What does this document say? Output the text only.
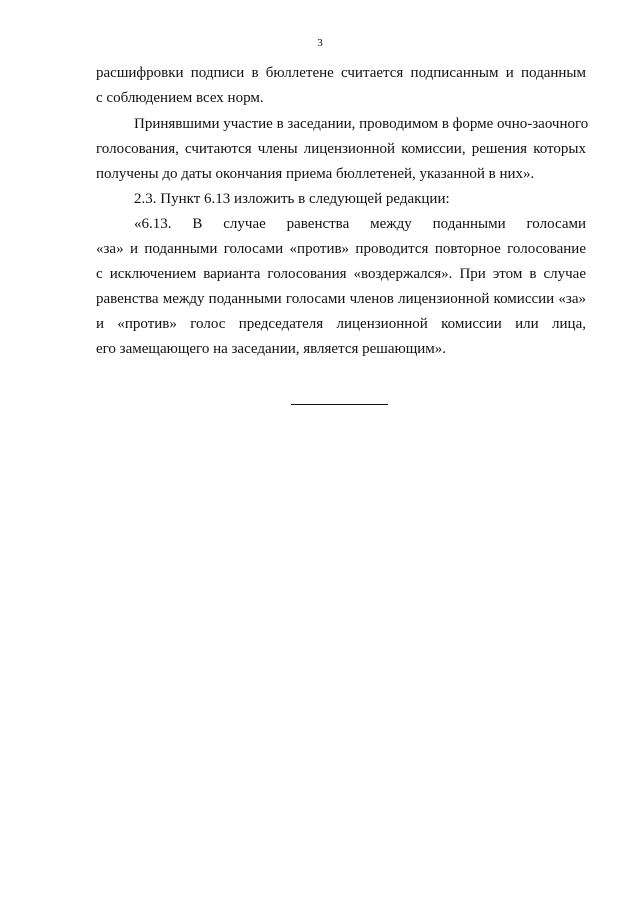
3
расшифровки подписи в бюллетене считается подписанным и поданным
с соблюдением всех норм.
Принявшими участие в заседании, проводимом в форме очно-заочного
голосования, считаются члены лицензионной комиссии, решения которых
получены до даты окончания приема бюллетеней, указанной в них».
2.3. Пункт 6.13 изложить в следующей редакции:
«6.13. В случае равенства между поданными голосами
«за» и поданными голосами «против» проводится повторное голосование
с исключением варианта голосования «воздержался». При этом в случае
равенства между поданными голосами членов лицензионной комиссии «за»
и «против» голос председателя лицензионной комиссии или лица,
его замещающего на заседании, является решающим».
